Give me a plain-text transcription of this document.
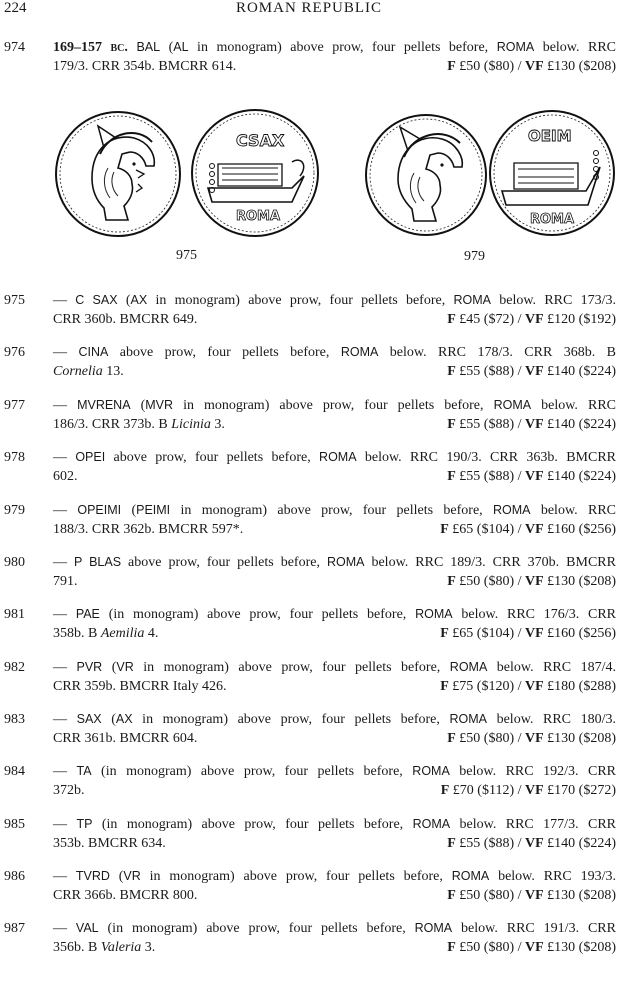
224	ROMAN REPUBLIC
CSAX
ROMA
OEIM
ROMA
975	979
974 169–157 bc. BAL (AL in monogram) above prow, four pellets before, ROMA below. RRC
179/3. CRR 354b. BMCRR 614.	F £50 ($80) / VF £130 ($208)
975 — C SAX (AX in monogram) above prow, four pellets before, ROMA below. RRC 173/3.
CRR 360b. BMCRR 649.	F £45 ($72) / VF £120 ($192)
976 — CINA above prow, four pellets before, ROMA below. RRC 178/3. CRR 368b. B
Cornelia 13.	F £55 ($88) / VF £140 ($224)
977 — MVRENA (MVR in monogram) above prow, four pellets before, ROMA below. RRC
186/3. CRR 373b. B Licinia 3.	F £55 ($88) / VF £140 ($224)
978 — OPEI above prow, four pellets before, ROMA below. RRC 190/3. CRR 363b. BMCRR
602.	F £55 ($88) / VF £140 ($224)
979 — OPEIMI (PEIMI in monogram) above prow, four pellets before, ROMA below. RRC
188/3. CRR 362b. BMCRR 597*.	F £65 ($104) / VF £160 ($256)
980 — P BLAS above prow, four pellets before, ROMA below. RRC 189/3. CRR 370b. BMCRR
791.	F £50 ($80) / VF £130 ($208)
981 — PAE (in monogram) above prow, four pellets before, ROMA below. RRC 176/3. CRR
358b. B Aemilia 4.	F £65 ($104) / VF £160 ($256)
982 — PVR (VR in monogram) above prow, four pellets before, ROMA below. RRC 187/4.
CRR 359b. BMCRR Italy 426.	F £75 ($120) / VF £180 ($288)
983 — SAX (AX in monogram) above prow, four pellets before, ROMA below. RRC 180/3.
CRR 361b. BMCRR 604.	F £50 ($80) / VF £130 ($208)
984 — TA (in monogram) above prow, four pellets before, ROMA below. RRC 192/3. CRR
372b.	F £70 ($112) / VF £170 ($272)
985 — TP (in monogram) above prow, four pellets before, ROMA below. RRC 177/3. CRR
353b. BMCRR 634.	F £55 ($88) / VF £140 ($224)
986 — TVRD (VR in monogram) above prow, four pellets before, ROMA below. RRC 193/3.
CRR 366b. BMCRR 800.	F £50 ($80) / VF £130 ($208)
987 — VAL (in monogram) above prow, four pellets before, ROMA below. RRC 191/3. CRR
356b. B Valeria 3.	F £50 ($80) / VF £130 ($208)
